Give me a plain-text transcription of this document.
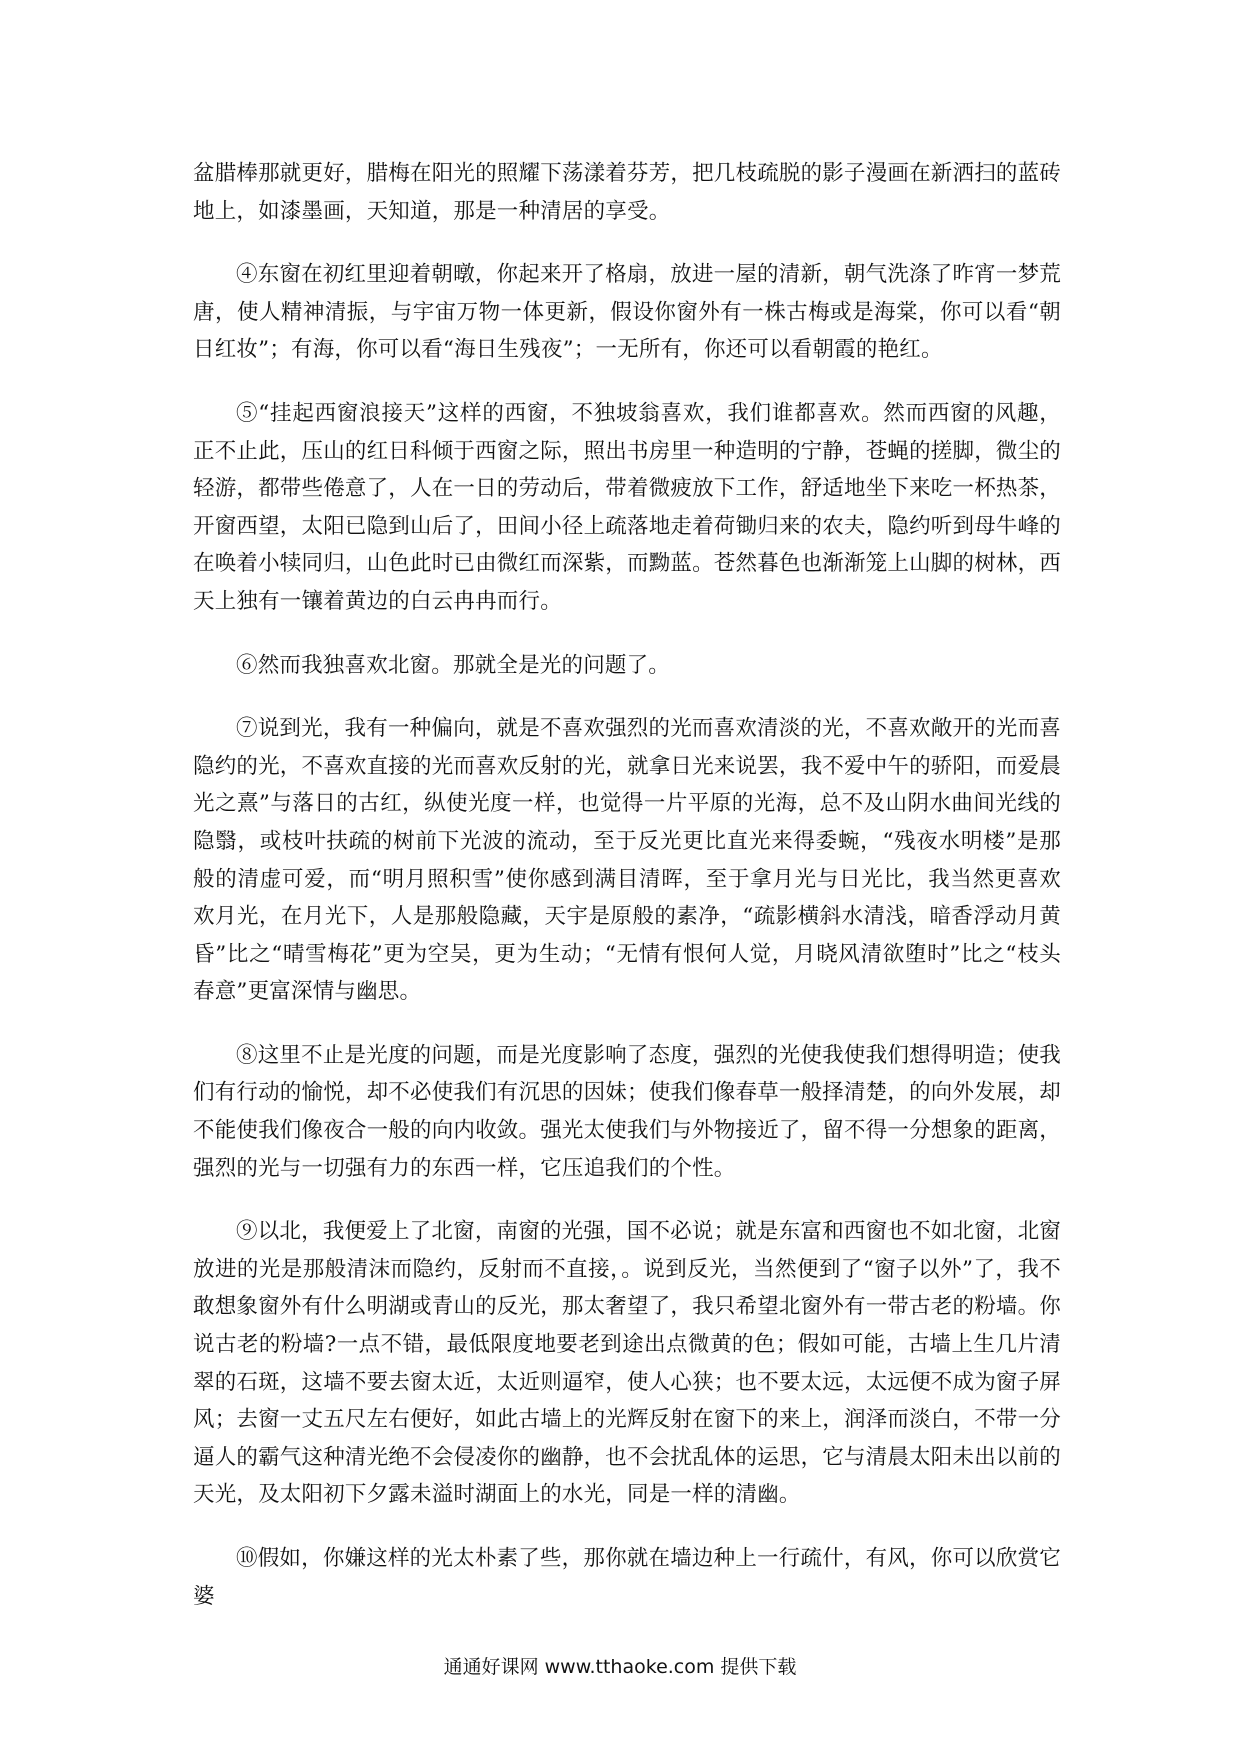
盆腊棒那就更好，腊梅在阳光的照耀下荡漾着芬芳，把几枝疏脱的影子漫画在新洒扫的蓝砖地上，如漆墨画，天知道，那是一种清居的享受。

④东窗在初红里迎着朝暾，你起来开了格扇，放进一屋的清新，朝气洗涤了昨宵一梦荒唐，使人精神清振，与宇宙万物一体更新，假设你窗外有一株古梅或是海棠，你可以看“朝日红妆”；有海，你可以看“海日生残夜”；一无所有，你还可以看朝霞的艳红。

⑤“挂起西窗浪接天”这样的西窗，不独坡翁喜欢，我们谁都喜欢。然而西窗的风趣，正不止此，压山的红日科倾于西窗之际，照出书房里一种造明的宁静，苍蝇的搓脚，微尘的轻游，都带些倦意了，人在一日的劳动后，带着微疲放下工作，舒适地坐下来吃一杯热茶，开窗西望，太阳已隐到山后了，田间小径上疏落地走着荷锄归来的农夫，隐约听到母牛峰的在唤着小犊同归，山色此时已由微红而深紫，而黝蓝。苍然暮色也渐渐笼上山脚的树林，西天上独有一镶着黄边的白云冉冉而行。

⑥然而我独喜欢北窗。那就全是光的问题了。

⑦说到光，我有一种偏向，就是不喜欢强烈的光而喜欢清淡的光，不喜欢敞开的光而喜隐约的光，不喜欢直接的光而喜欢反射的光，就拿日光来说罢，我不爱中午的骄阳，而爱晨光之熹”与落日的古红，纵使光度一样，也觉得一片平原的光海，总不及山阴水曲间光线的隐翳，或枝叶扶疏的树前下光波的流动，至于反光更比直光来得委蜿，“残夜水明楼”是那般的清虚可爱，而“明月照积雪”使你感到满目清晖，至于拿月光与日光比，我当然更喜欢欢月光，在月光下，人是那般隐藏，天宇是原般的素净，“疏影横斜水清浅，暗香浮动月黄昏”比之“晴雪梅花”更为空吴，更为生动；“无情有恨何人觉，月晓风清欲堕时”比之“枝头春意”更富深情与幽思。

⑧这里不止是光度的问题，而是光度影响了态度，强烈的光使我使我们想得明造；使我们有行动的愉悦，却不必使我们有沉思的因妹；使我们像春草一般择清楚，的向外发展，却不能使我们像夜合一般的向内收敛。强光太使我们与外物接近了，留不得一分想象的距离，强烈的光与一切强有力的东西一样，它压追我们的个性。

⑨以北，我便爱上了北窗，南窗的光强，国不必说；就是东富和西窗也不如北窗，北窗放进的光是那般清沫而隐约，反射而不直接，。说到反光，当然便到了“窗子以外”了，我不敢想象窗外有什么明湖或青山的反光，那太奢望了，我只希望北窗外有一带古老的粉墙。你说古老的粉墙?一点不错，最低限度地要老到途出点微黄的色；假如可能，古墙上生几片清翠的石斑，这墙不要去窗太近，太近则逼窄，使人心狭；也不要太远，太远便不成为窗子屏风；去窗一丈五尺左右便好，如此古墙上的光辉反射在窗下的来上，润泽而淡白，不带一分逼人的霸气这种清光绝不会侵凌你的幽静，也不会扰乱体的运思，它与清晨太阳未出以前的天光，及太阳初下夕露未溢时湖面上的水光，同是一样的清幽。

⑩假如，你嫌这样的光太朴素了些，那你就在墙边种上一行疏什，有风，你可以欣赏它婆

通通好课网 www.tthaoke.com 提供下载
